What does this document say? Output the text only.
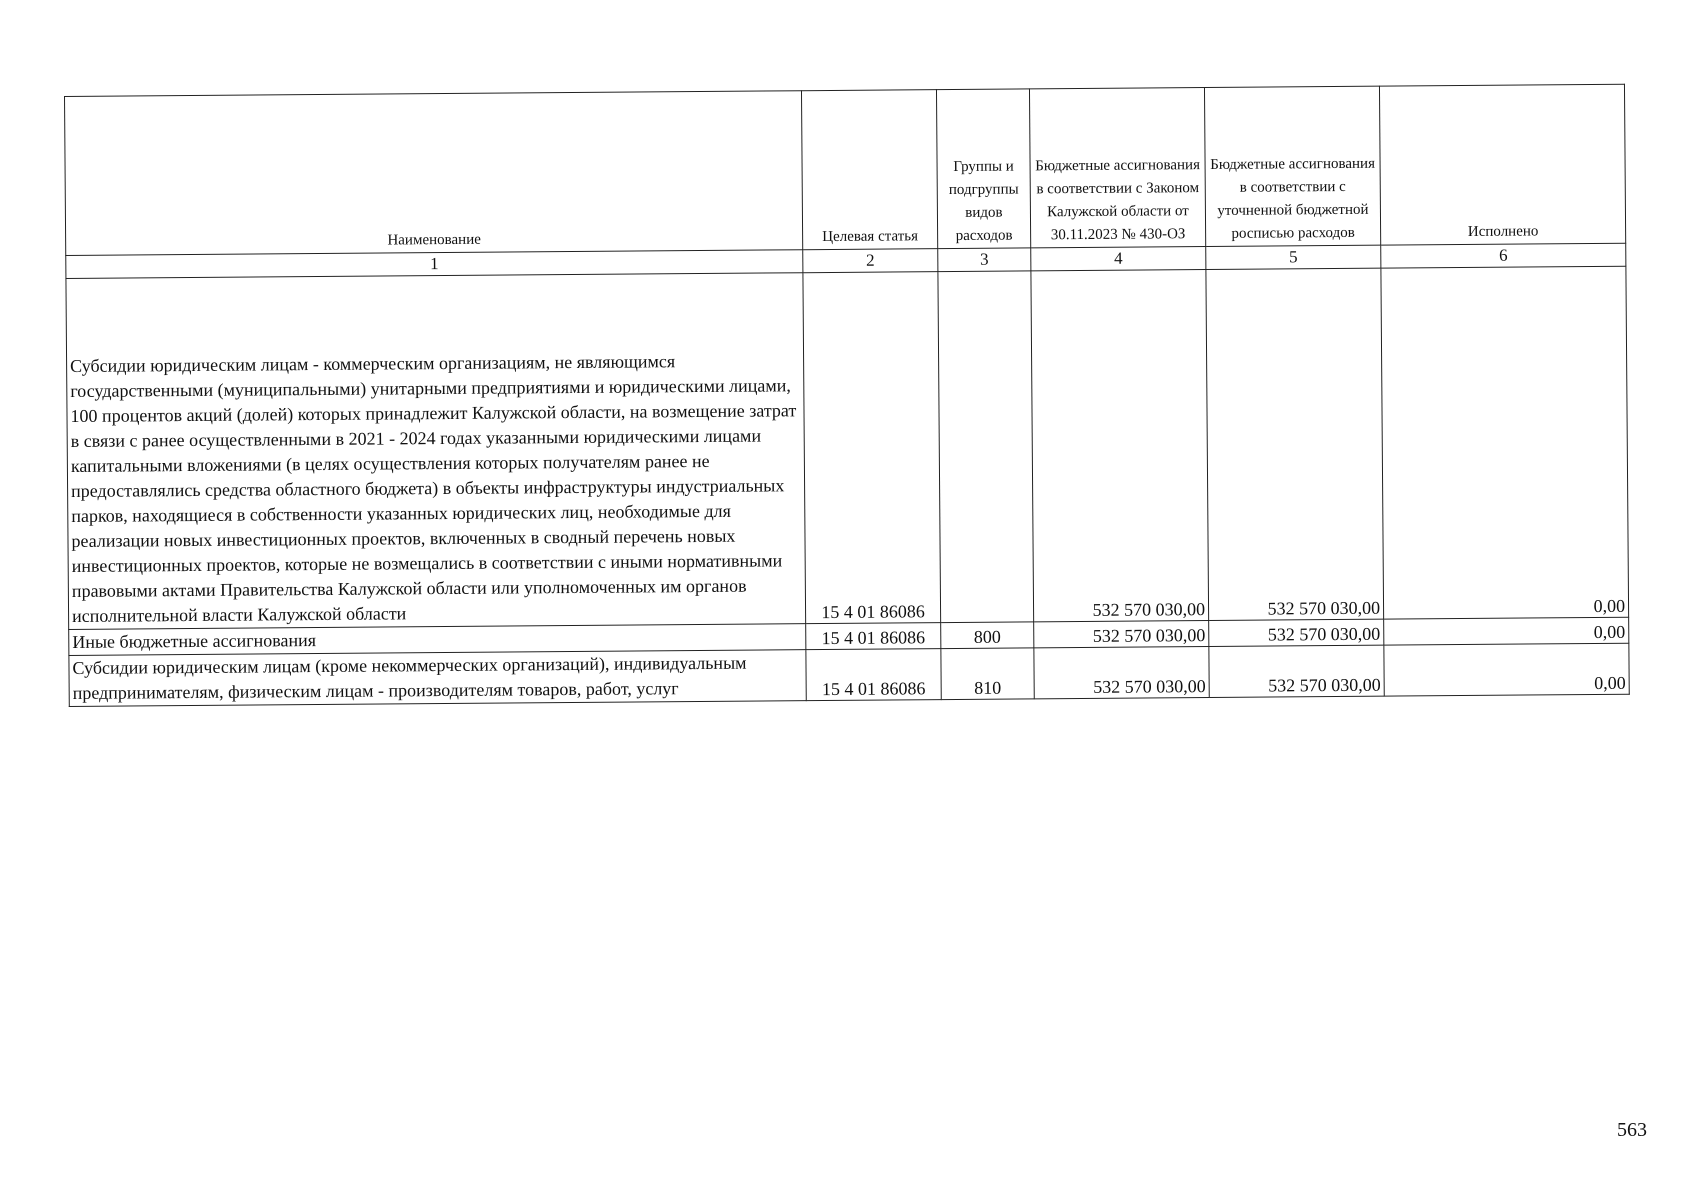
Наименование	Целевая статья	Группы и подгруппы видов расходов	Бюджетные ассигнования в соответствии с Законом Калужской области от 30.11.2023 № 430-ОЗ	Бюджетные ассигнования в соответствии с уточненной бюджетной росписью расходов	Исполнено
1	2	3	4	5	6

Субсидии юридическим лицам - коммерческим организациям, не являющимся государственными (муниципальными) унитарными предприятиями и юридическими лицами, 100 процентов акций (долей) которых принадлежит Калужской области, на возмещение затрат в связи с ранее осуществленными в 2021 - 2024 годах указанными юридическими лицами капитальными вложениями (в целях осуществления которых получателям ранее не предоставлялись средства областного бюджета) в объекты инфраструктуры индустриальных парков, находящиеся в собственности указанных юридических лиц, необходимые для реализации новых инвестиционных проектов, включенных в сводный перечень новых инвестиционных проектов, которые не возмещались в соответствии с иными нормативными правовыми актами Правительства Калужской области или уполномоченных им органов исполнительной власти Калужской области	15 4 01 86086		532 570 030,00	532 570 030,00	0,00
Иные бюджетные ассигнования	15 4 01 86086	800	532 570 030,00	532 570 030,00	0,00
Субсидии юридическим лицам (кроме некоммерческих организаций), индивидуальным предпринимателям, физическим лицам - производителям товаров, работ, услуг	15 4 01 86086	810	532 570 030,00	532 570 030,00	0,00
563
